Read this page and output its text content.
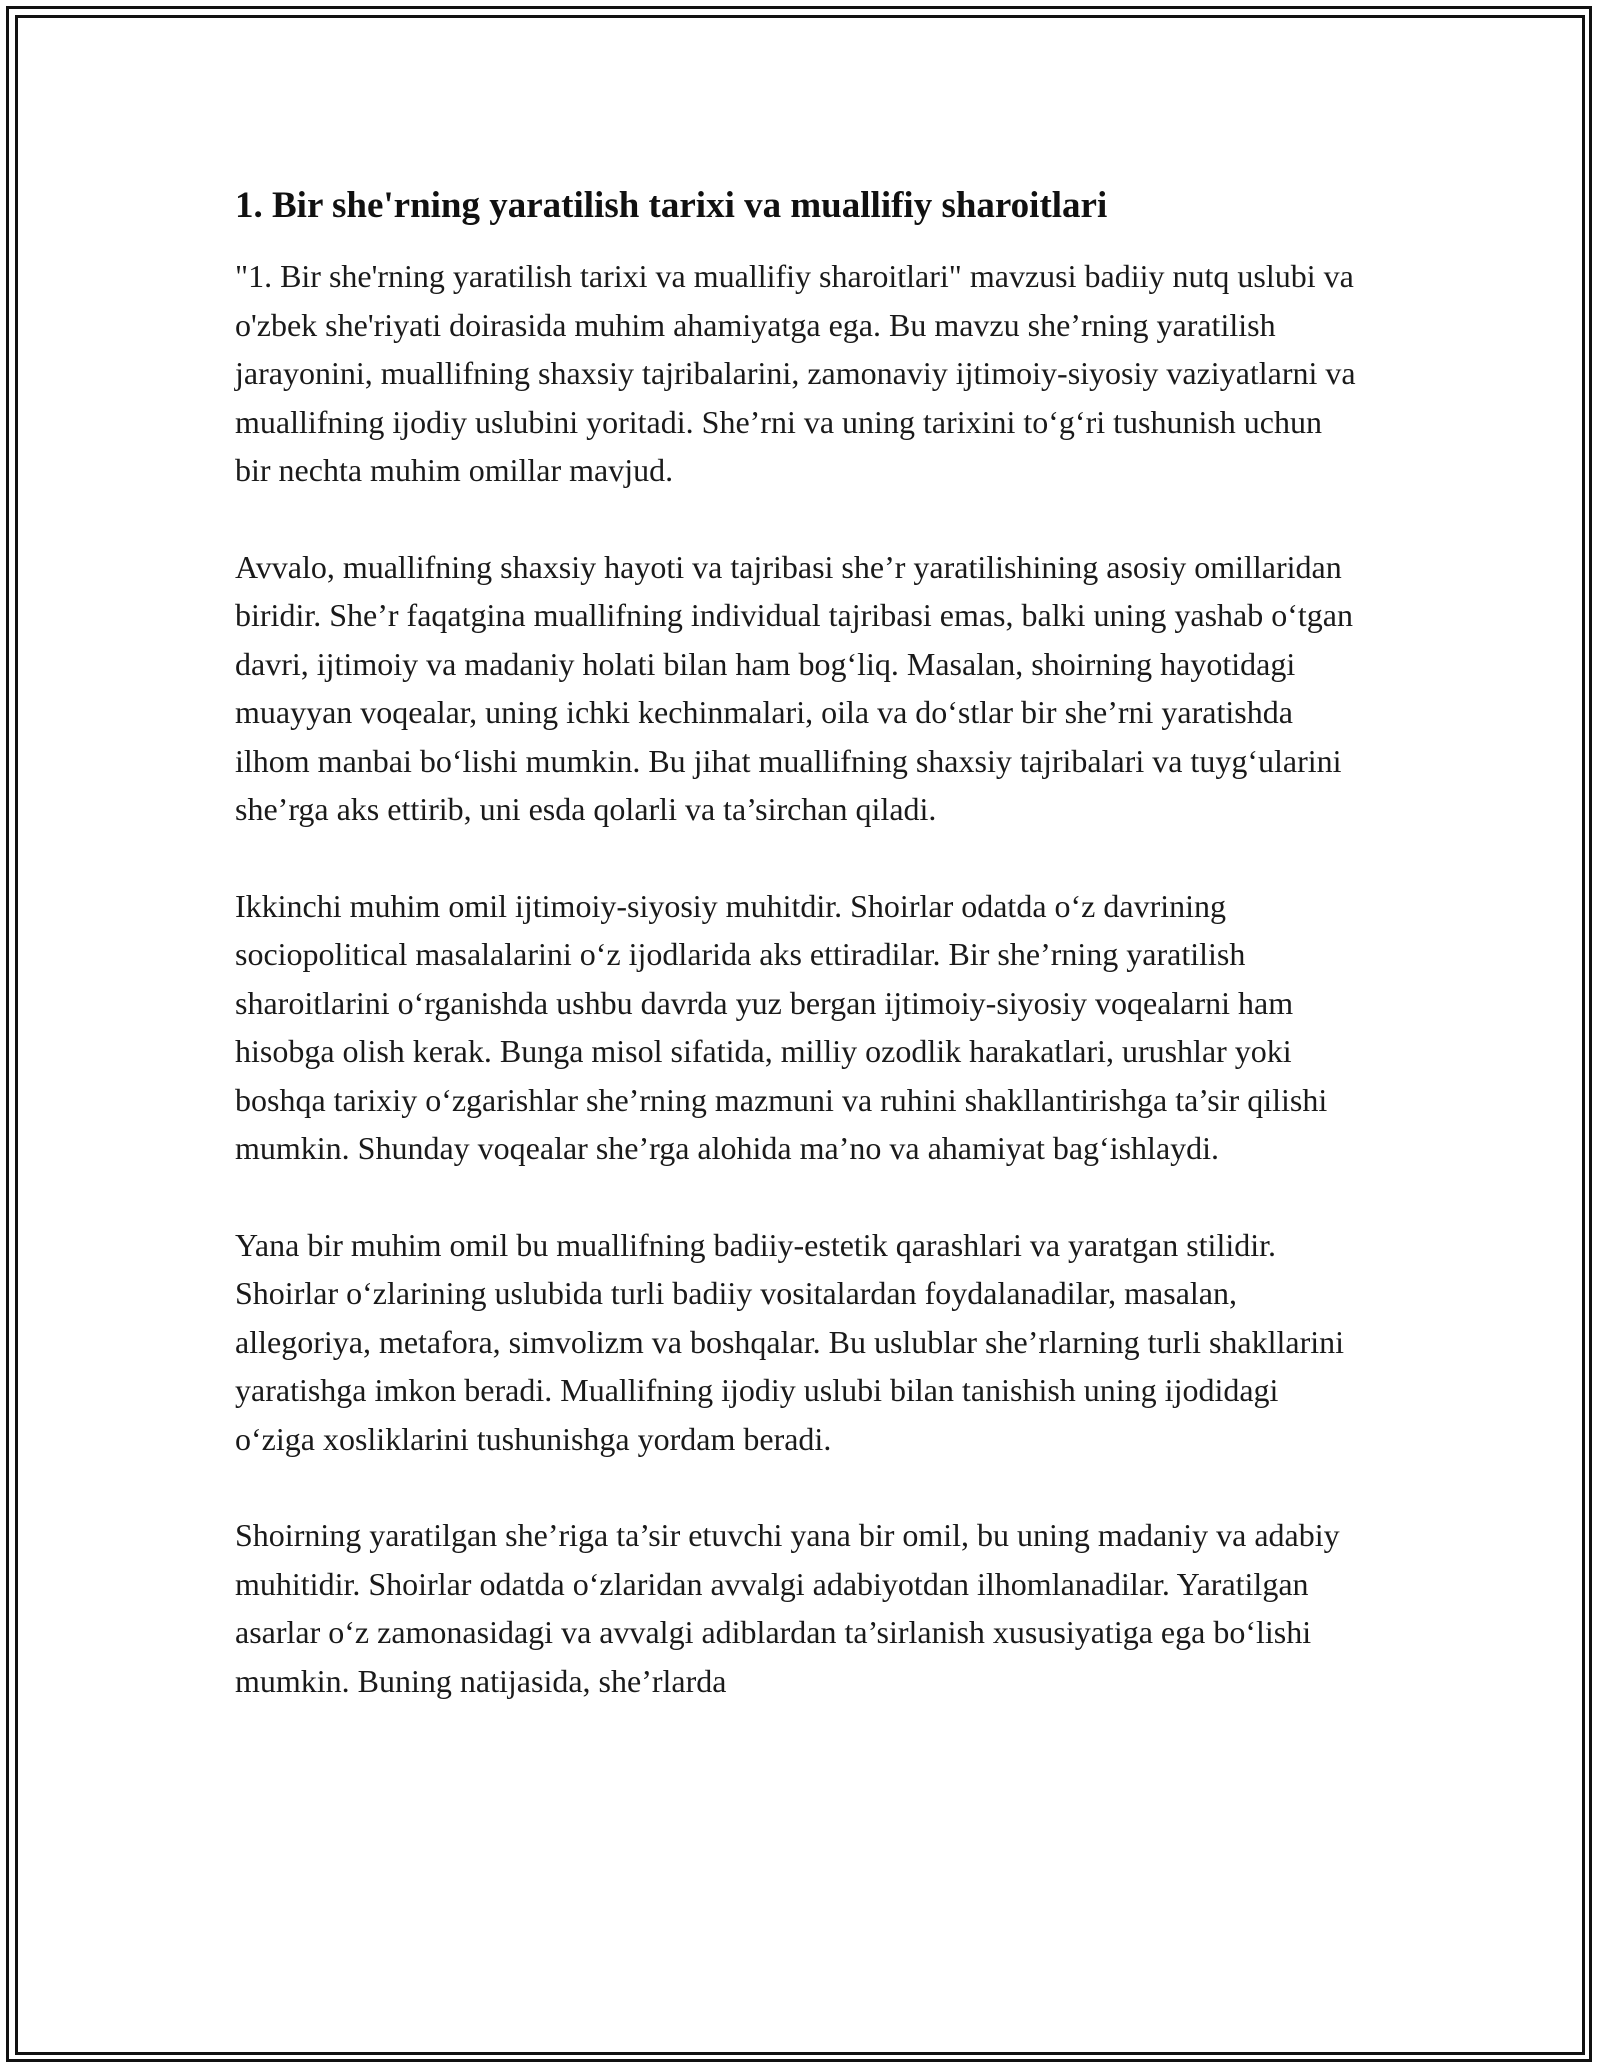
1. Bir she'rning yaratilish tarixi va muallifiy sharoitlari

"1. Bir she'rning yaratilish tarixi va muallifiy sharoitlari" mavzusi badiiy nutq uslubi va o'zbek she'riyati doirasida muhim ahamiyatga ega. Bu mavzu she’rning yaratilish jarayonini, muallifning shaxsiy tajribalarini, zamonaviy ijtimoiy-siyosiy vaziyatlarni va muallifning ijodiy uslubini yoritadi. She’rni va uning tarixini to‘g‘ri tushunish uchun bir nechta muhim omillar mavjud.

Avvalo, muallifning shaxsiy hayoti va tajribasi she’r yaratilishining asosiy omillaridan biridir. She’r faqatgina muallifning individual tajribasi emas, balki uning yashab o‘tgan davri, ijtimoiy va madaniy holati bilan ham bog‘liq. Masalan, shoirning hayotidagi muayyan voqealar, uning ichki kechinmalari, oila va do‘stlar bir she’rni yaratishda ilhom manbai bo‘lishi mumkin. Bu jihat muallifning shaxsiy tajribalari va tuyg‘ularini she’rga aks ettirib, uni esda qolarli va ta’sirchan qiladi.

Ikkinchi muhim omil ijtimoiy-siyosiy muhitdir. Shoirlar odatda o‘z davrining sociopolitical masalalarini o‘z ijodlarida aks ettiradilar. Bir she’rning yaratilish sharoitlarini o‘rganishda ushbu davrda yuz bergan ijtimoiy-siyosiy voqealarni ham hisobga olish kerak. Bunga misol sifatida, milliy ozodlik harakatlari, urushlar yoki boshqa tarixiy o‘zgarishlar she’rning mazmuni va ruhini shakllantirishga ta’sir qilishi mumkin. Shunday voqealar she’rga alohida ma’no va ahamiyat bag‘ishlaydi.

Yana bir muhim omil bu muallifning badiiy-estetik qarashlari va yaratgan stilidir. Shoirlar o‘zlarining uslubida turli badiiy vositalardan foydalanadilar, masalan, allegoriya, metafora, simvolizm va boshqalar. Bu uslublar she’rlarning turli shakllarini yaratishga imkon beradi. Muallifning ijodiy uslubi bilan tanishish uning ijodidagi o‘ziga xosliklarini tushunishga yordam beradi.

Shoirning yaratilgan she’riga ta’sir etuvchi yana bir omil, bu uning madaniy va adabiy muhitidir. Shoirlar odatda o‘zlaridan avvalgi adabiyotdan ilhomlanadilar. Yaratilgan asarlar o‘z zamonasidagi va avvalgi adiblardan ta’sirlanish xususiyatiga ega bo‘lishi mumkin. Buning natijasida, she’rlarda
